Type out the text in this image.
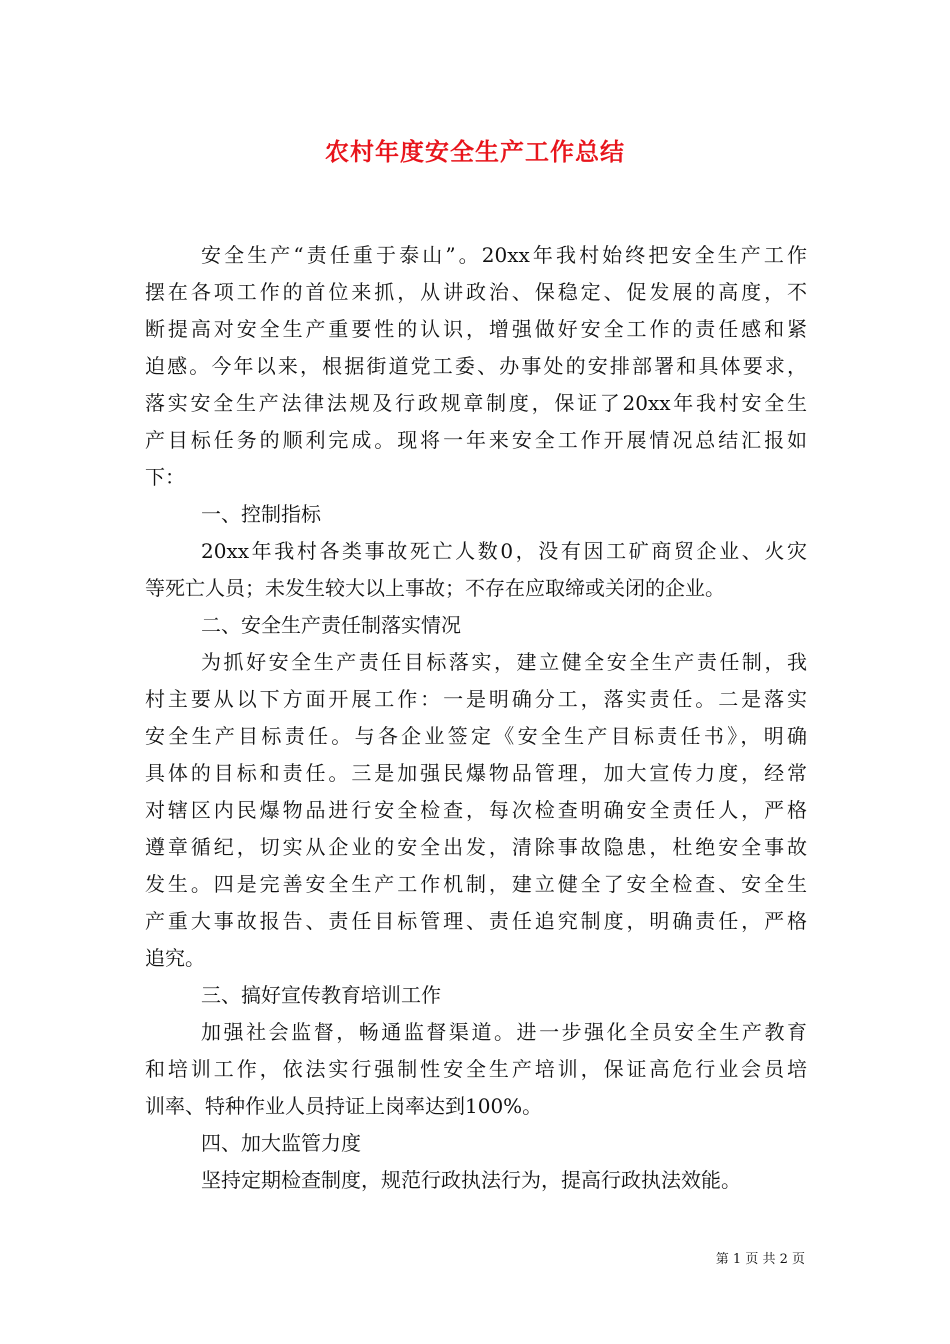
农村年度安全生产工作总结
安全生产“责任重于泰山”。20xx年我村始终把安全生产工作
摆在各项工作的首位来抓，从讲政治、保稳定、促发展的高度，不
断提高对安全生产重要性的认识，增强做好安全工作的责任感和紧
迫感。今年以来，根据街道党工委、办事处的安排部署和具体要求，
落实安全生产法律法规及行政规章制度，保证了20xx年我村安全生
产目标任务的顺利完成。现将一年来安全工作开展情况总结汇报如
下：
一、控制指标
20xx年我村各类事故死亡人数0，没有因工矿商贸企业、火灾
等死亡人员；未发生较大以上事故；不存在应取缔或关闭的企业。
二、安全生产责任制落实情况
为抓好安全生产责任目标落实，建立健全安全生产责任制，我
村主要从以下方面开展工作：一是明确分工，落实责任。二是落实
安全生产目标责任。与各企业签定《安全生产目标责任书》，明确
具体的目标和责任。三是加强民爆物品管理，加大宣传力度，经常
对辖区内民爆物品进行安全检查，每次检查明确安全责任人，严格
遵章循纪，切实从企业的安全出发，清除事故隐患，杜绝安全事故
发生。四是完善安全生产工作机制，建立健全了安全检查、安全生
产重大事故报告、责任目标管理、责任追究制度，明确责任，严格
追究。
三、搞好宣传教育培训工作
加强社会监督，畅通监督渠道。进一步强化全员安全生产教育
和培训工作，依法实行强制性安全生产培训，保证高危行业会员培
训率、特种作业人员持证上岗率达到100%。
四、加大监管力度
坚持定期检查制度，规范行政执法行为，提高行政执法效能。
第 1 页 共 2 页
